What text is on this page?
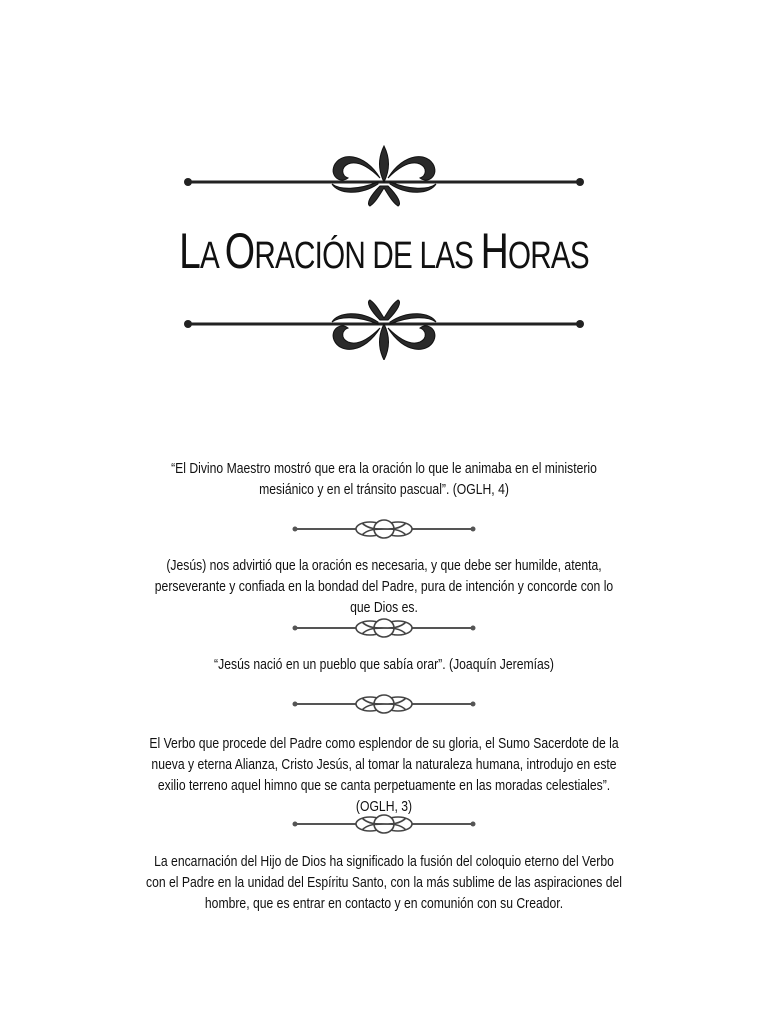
LA ORACIÓN DE LAS HORAS

“El Divino Maestro mostró que era la oración lo que le animaba en el ministerio mesiánico y en el tránsito pascual”. (OGLH, 4)

(Jesús) nos advirtió que la oración es necesaria, y que debe ser humilde, atenta, perseverante y confiada en la bondad del Padre, pura de intención y concorde con lo que Dios es.

“Jesús nació en un pueblo que sabía orar”. (Joaquín Jeremías)

El Verbo que procede del Padre como esplendor de su gloria, el Sumo Sacerdote de la nueva y eterna Alianza, Cristo Jesús, al tomar la naturaleza humana, introdujo en este exilio terreno aquel himno que se canta perpetuamente en las moradas celestiales”. (OGLH, 3)

La encarnación del Hijo de Dios ha significado la fusión del coloquio eterno del Verbo con el Padre en la unidad del Espíritu Santo, con la más sublime de las aspiraciones del hombre, que es entrar en contacto y en comunión con su Creador.
